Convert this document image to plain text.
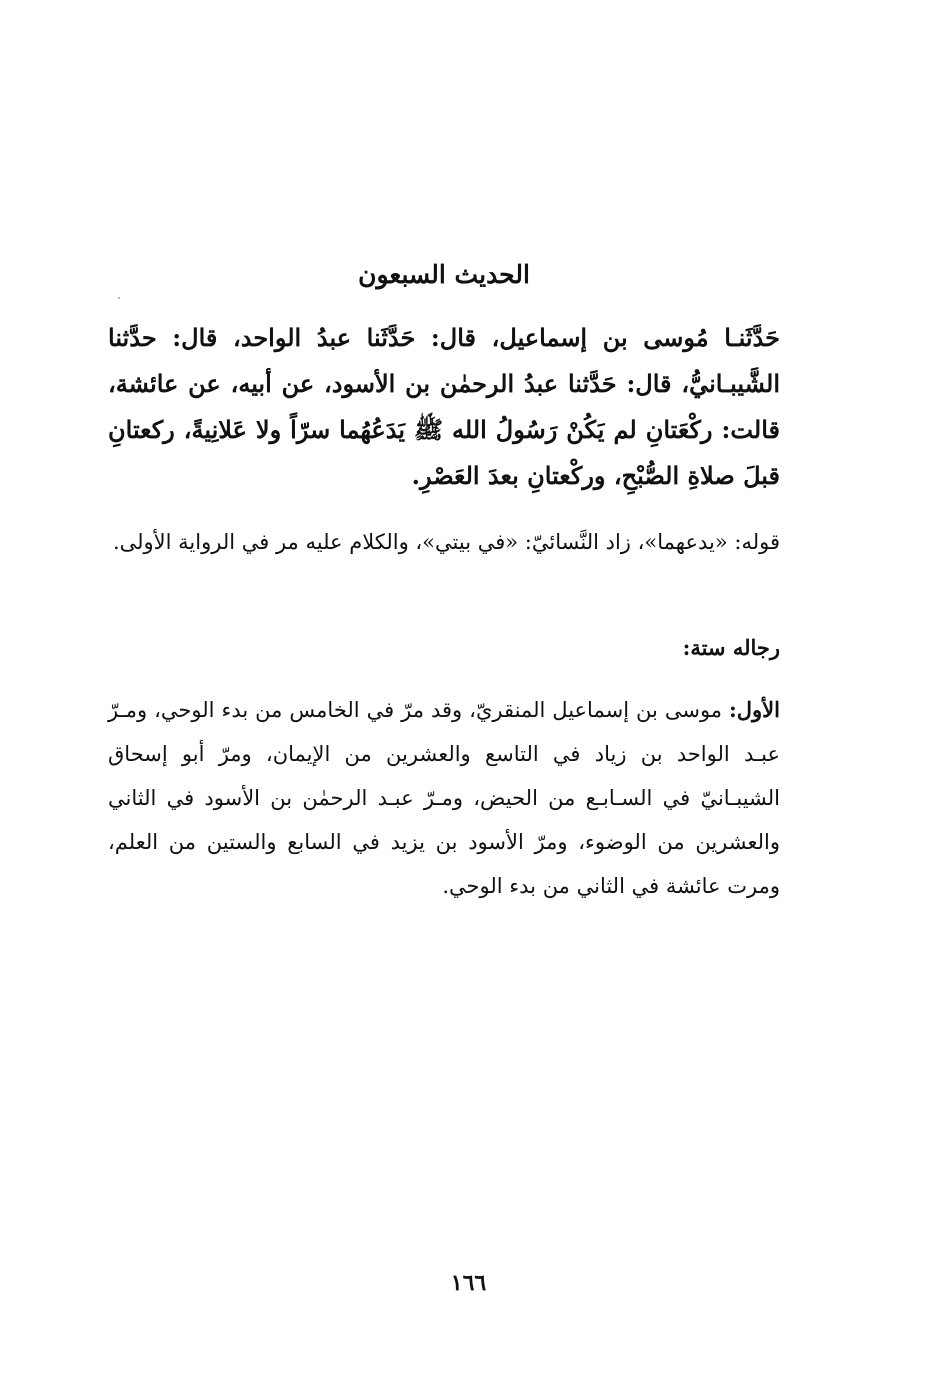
الحديث السبعون
حَدَّثَنـا مُوسى بن إسماعيل، قال: حَدَّثَنا عبدُ الواحد، قال: حدَّثنا الشَّيبـانيُّ، قال: حَدَّثنا عبدُ الرحمٰن بن الأسود، عن أبيه، عن عائشة، قالت: ركْعَتانِ لم يَكُنْ رَسُولُ الله ﷺ يَدَعُهُما سرّاً ولا عَلانِيةً، ركعتانِ قبلَ صلاةِ الصُّبْحِ، وركْعتانِ بعدَ العَصْرِ.
قوله: «يدعهما»، زاد النَّسائيّ: «في بيتي»، والكلام عليه مر في الرواية الأولى.
رجاله ستة:
الأول: موسى بن إسماعيل المنقريّ، وقد مرّ في الخامس من بدء الوحي، ومـرّ عبـد الواحد بن زياد في التاسع والعشرين من الإيمان، ومرّ أبو إسحاق الشيبـانيّ في السـابـع من الحيض، ومـرّ عبـد الرحمٰن بن الأسود في الثاني والعشرين من الوضوء، ومرّ الأسود بن يزيد في السابع والستين من العلم، ومرت عائشة في الثاني من بدء الوحي.
١٦٦
